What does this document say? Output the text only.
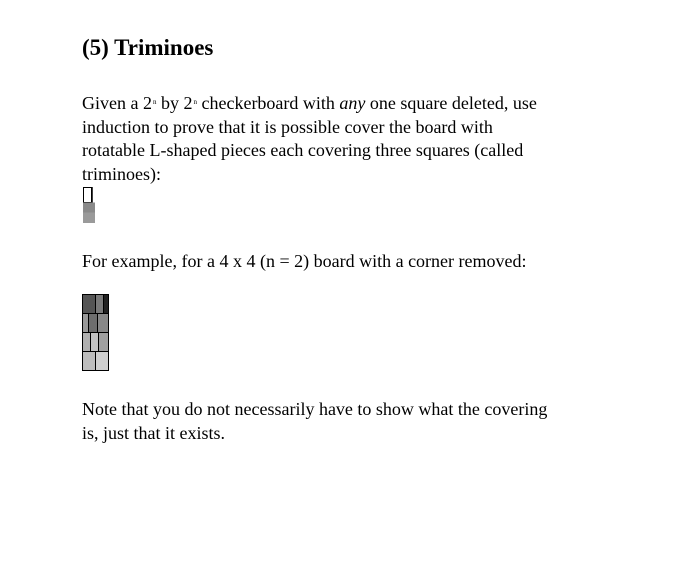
(5) Triminoes

Given a 2$^n$ by 2$^n$ checkerboard with any one square deleted, use
induction to prove that it is possible cover the board with
rotatable L-shaped pieces each covering three squares (called
triminoes):

For example, for a 4 x 4 (n = 2) board with a corner removed:

Note that you do not necessarily have to show what the covering
is, just that it exists.
